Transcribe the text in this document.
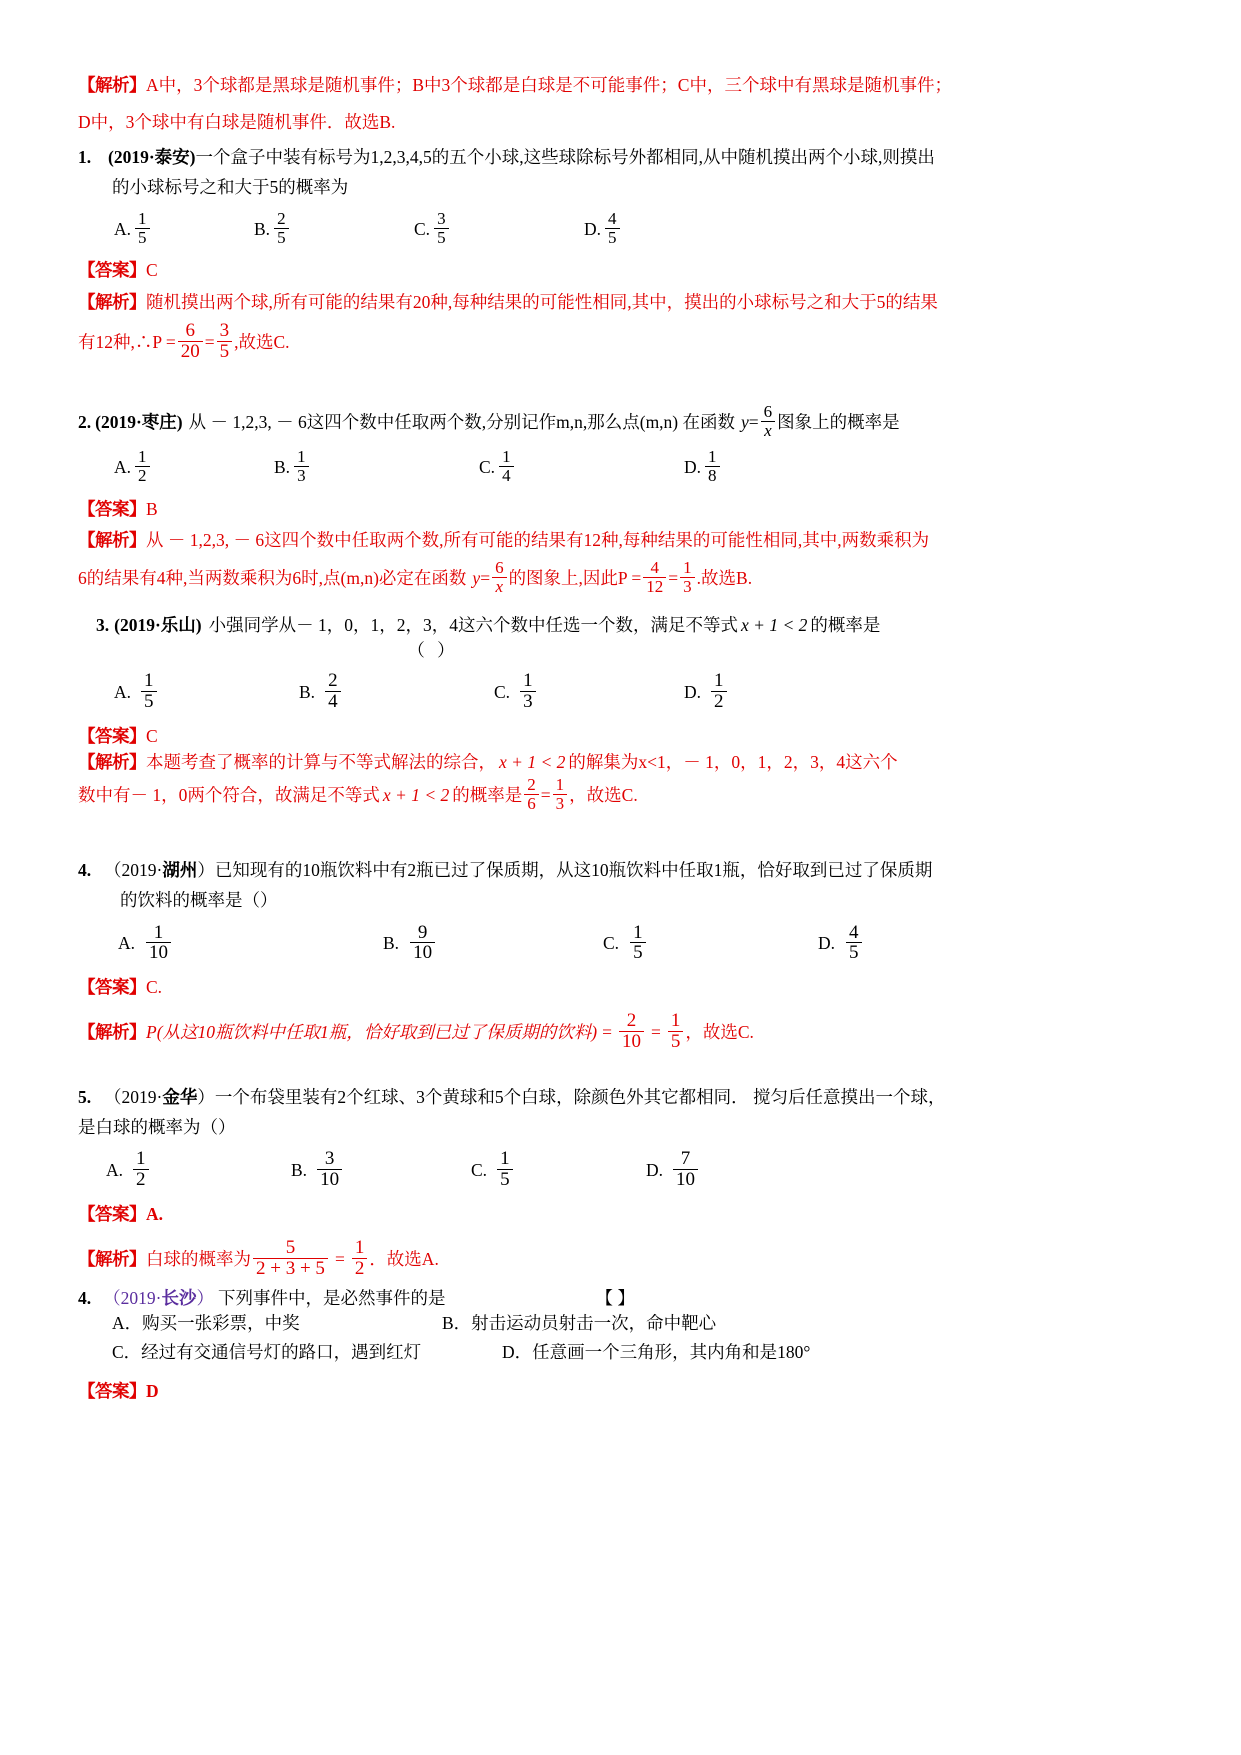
【解析】A中，3个球都是黑球是随机事件；B中3个球都是白球是不可能事件；C中，三个球中有黑球是随机事件；
D中，3个球中有白球是随机事件．故选B.
1. (2019·泰安)一个盒子中装有标号为1,2,3,4,5的五个小球,这些球除标号外都相同,从中随机摸出两个小球,则摸出
的小球标号之和大于5的概率为
A. $\frac{1}{5}$	B. $\frac{2}{5}$	C. $\frac{3}{5}$	D. $\frac{4}{5}$
【答案】C
【解析】随机摸出两个球,所有可能的结果有20种,每种结果的可能性相同,其中，摸出的小球标号之和大于5的结果
有12种,∴P = $\frac{6}{20} = \frac{3}{5}$ ,故选C.
2. (2019· 枣庄 ) 从 － 1,2,3, － 6这四个数中任取两个数,分别记作m,n,那么点(m,n) 在函数 $y = \frac{6}{x}$ 图象上的概率是
A. $\frac{1}{2}$	B. $\frac{1}{3}$	C. $\frac{1}{4}$	D. $\frac{1}{8}$
【答案】B
【解析】从 － 1,2,3, － 6这四个数中任取两个数,所有可能的结果有12种,每种结果的可能性相同,其中,两数乘积为
6的结果有4种,当两数乘积为6时,点(m,n)必定在函数 $y = \frac{6}{x}$ 的图象上,因此$P = \frac{4}{12} = \frac{1}{3}$ .故选B.
3. (2019· 乐山 ) 小强同学从－ 1，0，1，2，3，4这六个数中任选一个数，满足不等式 x + 1 < 2 的概率是
（ ）
A. $\frac{1}{5}$	B. $\frac{2}{4}$	C. $\frac{1}{3}$	D. $\frac{1}{2}$
【答案】C
【解析】 本题考查了概率的计算与不等式解法的综合， x + 1 < 2 的解集为x<1，－ 1，0，1，2，3，4这六个
数中有－ 1，0两个符合，故满足不等式 x + 1 < 2 的概率是 $\frac{2}{6} = \frac{1}{3}$ ，故选C.
4. （2019·湖州）已知现有的10瓶饮料中有2瓶已过了保质期，从这10瓶饮料中任取1瓶，恰好取到已过了保质期
的饮料的概率是（）
A. $\frac{1}{10}$	B. $\frac{9}{10}$	C. $\frac{1}{5}$	D. $\frac{4}{5}$
【答案】C.
【解析】 P(从这10瓶饮料中任取1瓶，恰好取到已过了保质期的饮料) = $\frac{2}{10} = \frac{1}{5}$ ，故选C.
5. （2019·金华）一个布袋里装有2个红球、3个黄球和5个白球，除颜色外其它都相同． 搅匀后任意摸出一个球，
是白球的概率为（）
A. $\frac{1}{2}$	B. $\frac{3}{10}$	C. $\frac{1}{5}$	D. $\frac{7}{10}$
【答案】A.
【解析】 白球的概率为 $\frac{5}{2 + 3 + 5} = \frac{1}{2}$ ．故选A.
4. （2019· 长沙 ） 下列事件中，是必然事件的是	【 】
A．购买一张彩票，中奖	B．射击运动员射击一次，命中靶心
C．经过有交通信号灯的路口，遇到红灯	D．任意画一个三角形，其内角和是180°
【答案】D
